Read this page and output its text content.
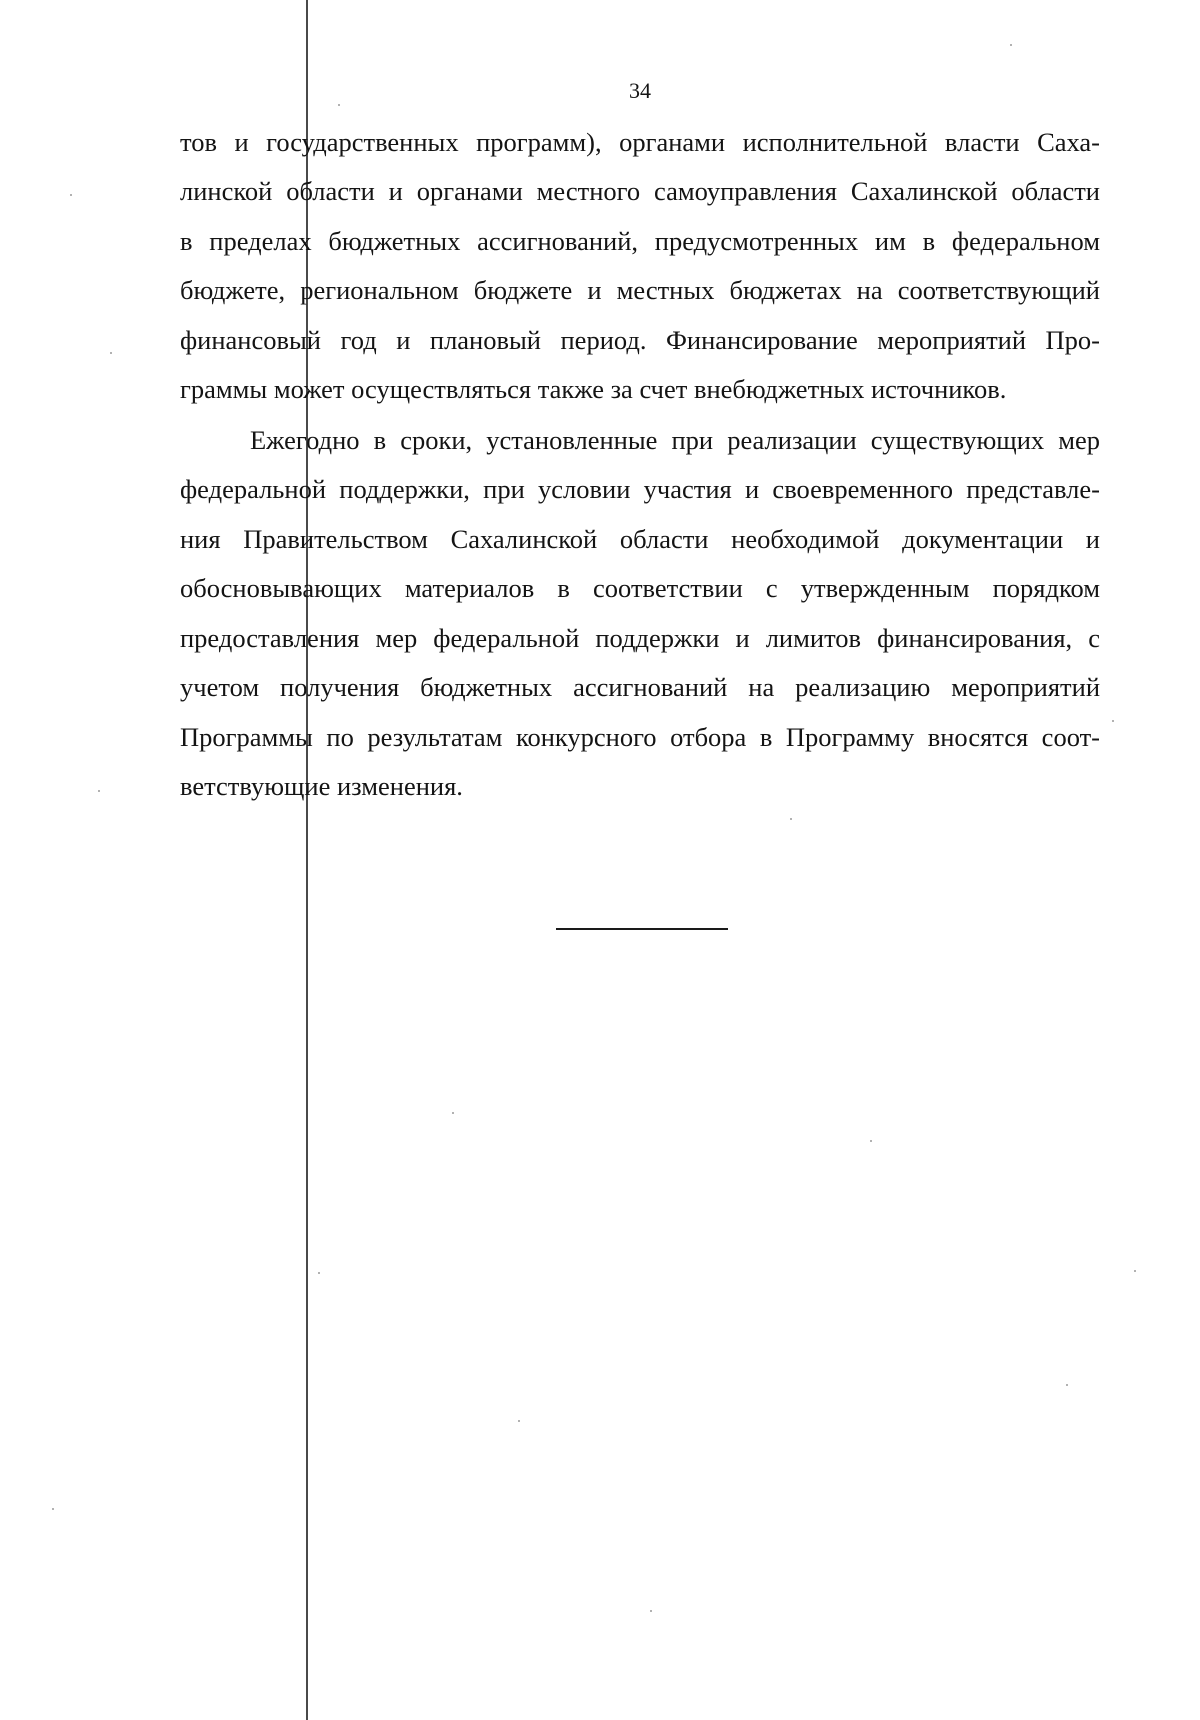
34
тов и государственных программ), органами исполнительной власти Саха-
линской области и органами местного самоуправления Сахалинской области
в пределах бюджетных ассигнований, предусмотренных им в федеральном
бюджете, региональном бюджете и местных бюджетах на соответствующий
финансовый год и плановый период. Финансирование мероприятий Про-
граммы может осуществляться также за счет внебюджетных источников.
Ежегодно в сроки, установленные при реализации существующих мер
федеральной поддержки, при условии участия и своевременного представле-
ния Правительством Сахалинской области необходимой документации и
обосновывающих материалов в соответствии с утвержденным порядком
предоставления мер федеральной поддержки и лимитов финансирования, с
учетом получения бюджетных ассигнований на реализацию мероприятий
Программы по результатам конкурсного отбора в Программу вносятся соот-
ветствующие изменения.
